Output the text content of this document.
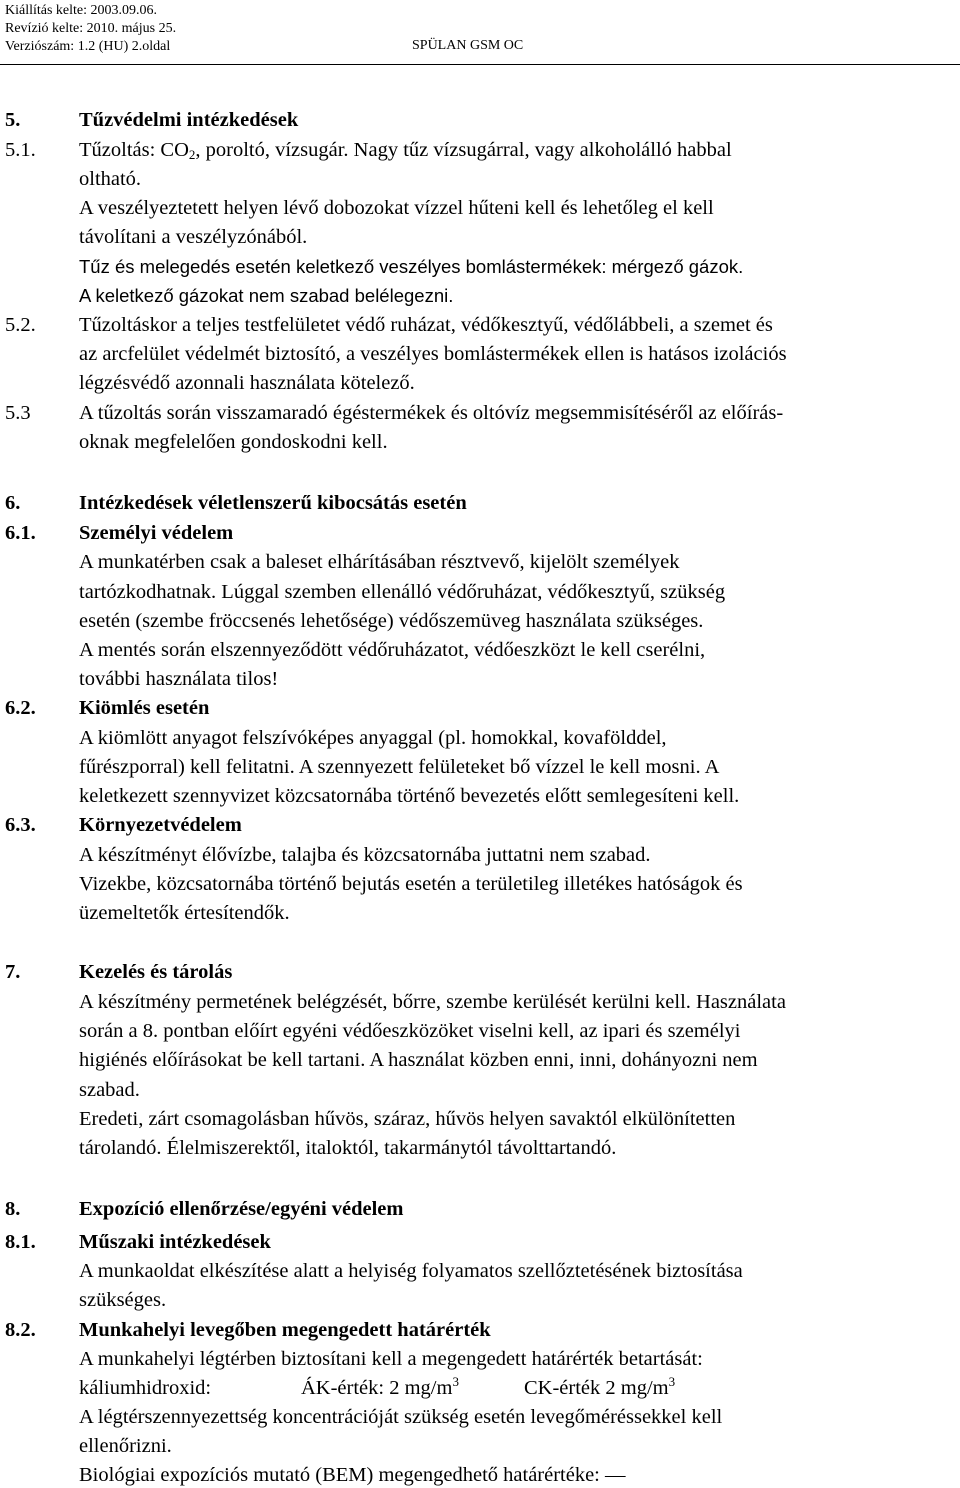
Kiállítás kelte: 2003.09.06.
Revízió kelte: 2010. május 25.
Verziószám: 1.2 (HU) 2.oldal	SPÜLAN GSM OC
5.	Tűzvédelmi intézkedések
5.1. Tűzoltás: $CO_2$, poroltó, vízsugár. Nagy tűz vízsugárral, vagy alkoholálló habbal
oltható.
A veszélyeztetett helyen lévő dobozokat vízzel hűteni kell és lehetőleg el kell
távolítani a veszélyzónából.
Tűz és melegedés esetén keletkező veszélyes bomlástermékek: mérgező gázok.
A keletkező gázokat nem szabad belélegezni.
5.2. Tűzoltáskor a teljes testfelületet védő ruházat, védőkesztyű, védőlábbeli, a szemet és
az arcfelület védelmét biztosító, a veszélyes bomlástermékek ellen is hatásos izolációs
légzésvédő azonnali használata kötelező.
5.3 A tűzoltás során visszamaradó égéstermékek és oltóvíz megsemmisítéséről az előírás-
oknak megfelelően gondoskodni kell.
6.	Intézkedések véletlenszerű kibocsátás esetén
6.1. Személyi védelem
A munkatérben csak a baleset elhárításában résztvevő, kijelölt személyek
tartózkodhatnak. Lúggal szemben ellenálló védőruházat, védőkesztyű, szükség
esetén (szembe fröccsenés lehetősége) védőszemüveg használata szükséges.
A mentés során elszennyeződött védőruházatot, védőeszközt le kell cserélni,
további használata tilos!
6.2. Kiömlés esetén
A kiömlött anyagot felszívóképes anyaggal (pl. homokkal, kovafölddel,
fűrészporral) kell felitatni. A szennyezett felületeket bő vízzel le kell mosni. A
keletkezett szennyvizet közcsatornába történő bevezetés előtt semlegesíteni kell.
6.3. Környezetvédelem
A készítményt élővízbe, talajba és közcsatornába juttatni nem szabad.
Vizekbe, közcsatornába történő bejutás esetén a területileg illetékes hatóságok és
üzemeltetők értesítendők.
7.	Kezelés és tárolás
A készítmény permetének belégzését, bőrre, szembe kerülését kerülni kell. Használata
során a 8. pontban előírt egyéni védőeszközöket viselni kell, az ipari és személyi
higiénés előírásokat be kell tartani. A használat közben enni, inni, dohányozni nem
szabad.
Eredeti, zárt csomagolásban hűvös, száraz, hűvös helyen savaktól elkülönítetten
tárolandó. Élelmiszerektől, italoktól, takarmánytól távolttartandó.
8.	Expozíció ellenőrzése/egyéni védelem
8.1. Műszaki intézkedések
A munkaoldat elkészítése alatt a helyiség folyamatos szellőztetésének biztosítása
szükséges.
8.2. Munkahelyi levegőben megengedett határérték
A munkahelyi légtérben biztosítani kell a megengedett határérték betartását:
káliumhidroxid:	ÁK-érték: 2 $mg/m^3$	CK-érték 2 $mg/m^3$
A légtérszennyezettség koncentrációját szükség esetén levegőméréssekkel kell
ellenőrizni.
Biológiai expozíciós mutató (BEM) megengedhető határértéke: —
